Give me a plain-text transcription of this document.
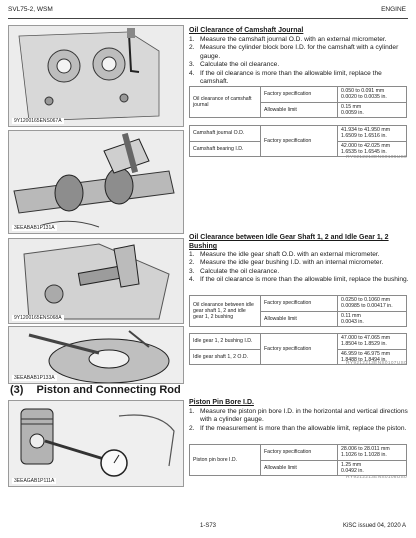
SVL75-2, WSM	ENGINE
9Y1200165ENS067A
3EEABAB1P131A
9Y1200165ENS068A
3EEABAB1P133A
Oil Clearance of Camshaft Journal
1. Measure the camshaft journal O.D. with an external micrometer.
2. Measure the cylinder block bore I.D. for the camshaft with a cylinder gauge.
3. Calculate the oil clearance.
4. If the oil clearance is more than the allowable limit, replace the camshaft.
Oil clearance of camshaft journal	Factory specification	0.050 to 0.091 mm
0.0020 to 0.0035 in.
	Allowable limit	0.15 mm
0.0059 in.
Camshaft journal O.D.	Factory specification	41.934 to 41.950 mm
1.6509 to 1.6516 in.
Camshaft bearing I.D.		42.000 to 42.025 mm
1.6535 to 1.6545 in.
RY9212213ENS0106US0
Oil Clearance between Idle Gear Shaft 1, 2 and Idle Gear 1, 2 Bushing
1. Measure the idle gear shaft O.D. with an external micrometer.
2. Measure the idle gear bushing I.D. with an internal micrometer.
3. Calculate the oil clearance.
4. If the oil clearance is more than the allowable limit, replace the bushing.
Oil clearance between idle gear shaft 1, 2 and idle gear 1, 2 bushing	Factory specification	0.0250 to 0.1060 mm
0.00985 to 0.00417 in.
	Allowable limit	0.11 mm
0.0043 in.
Idle gear 1, 2 bushing I.D.	Factory specification	47.000 to 47.065 mm
1.8504 to 1.8529 in.
Idle gear shaft 1, 2 O.D.		46.959 to 46.975 mm
1.8488 to 1.8494 in.
RY9212213ENS0107US0
(3) Piston and Connecting Rod
3EEAGAB1P111A
Piston Pin Bore I.D.
1. Measure the piston pin bore I.D. in the horizontal and vertical directions with a cylinder gauge.
2. If the measurement is more than the allowable limit, replace the piston.
Piston pin bore I.D.	Factory specification	28.006 to 28.011 mm
1.1026 to 1.1028 in.
	Allowable limit	1.25 mm
0.0492 in.
RY9212213ENS0108US0
1-S73	KiSC issued 04, 2020 A
